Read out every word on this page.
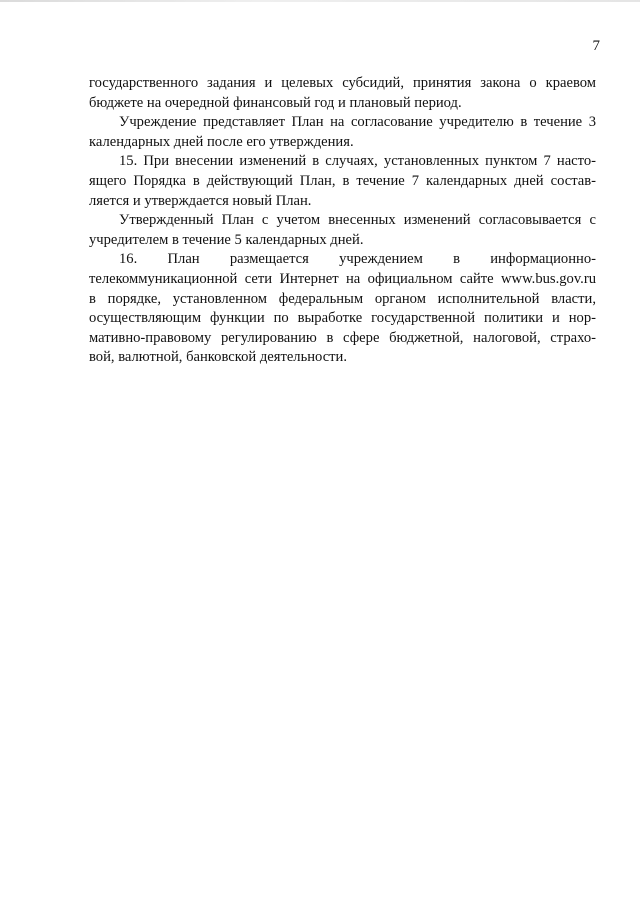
7
государственного задания и целевых субсидий, принятия закона о краевом
бюджете на очередной финансовый год и плановый период.
Учреждение представляет План на согласование учредителю в течение 3
календарных дней после его утверждения.
15. При внесении изменений в случаях, установленных пунктом 7 насто-
ящего Порядка в действующий План, в течение 7 календарных дней состав-
ляется и утверждается новый План.
Утвержденный План с учетом внесенных изменений согласовывается с
учредителем в течение 5 календарных дней.
16. План размещается учреждением в информационно-
телекоммуникационной сети Интернет на официальном сайте www.bus.gov.ru
в порядке, установленном федеральным органом исполнительной власти,
осуществляющим функции по выработке государственной политики и нор-
мативно-правовому регулированию в сфере бюджетной, налоговой, страхо-
вой, валютной, банковской деятельности.
